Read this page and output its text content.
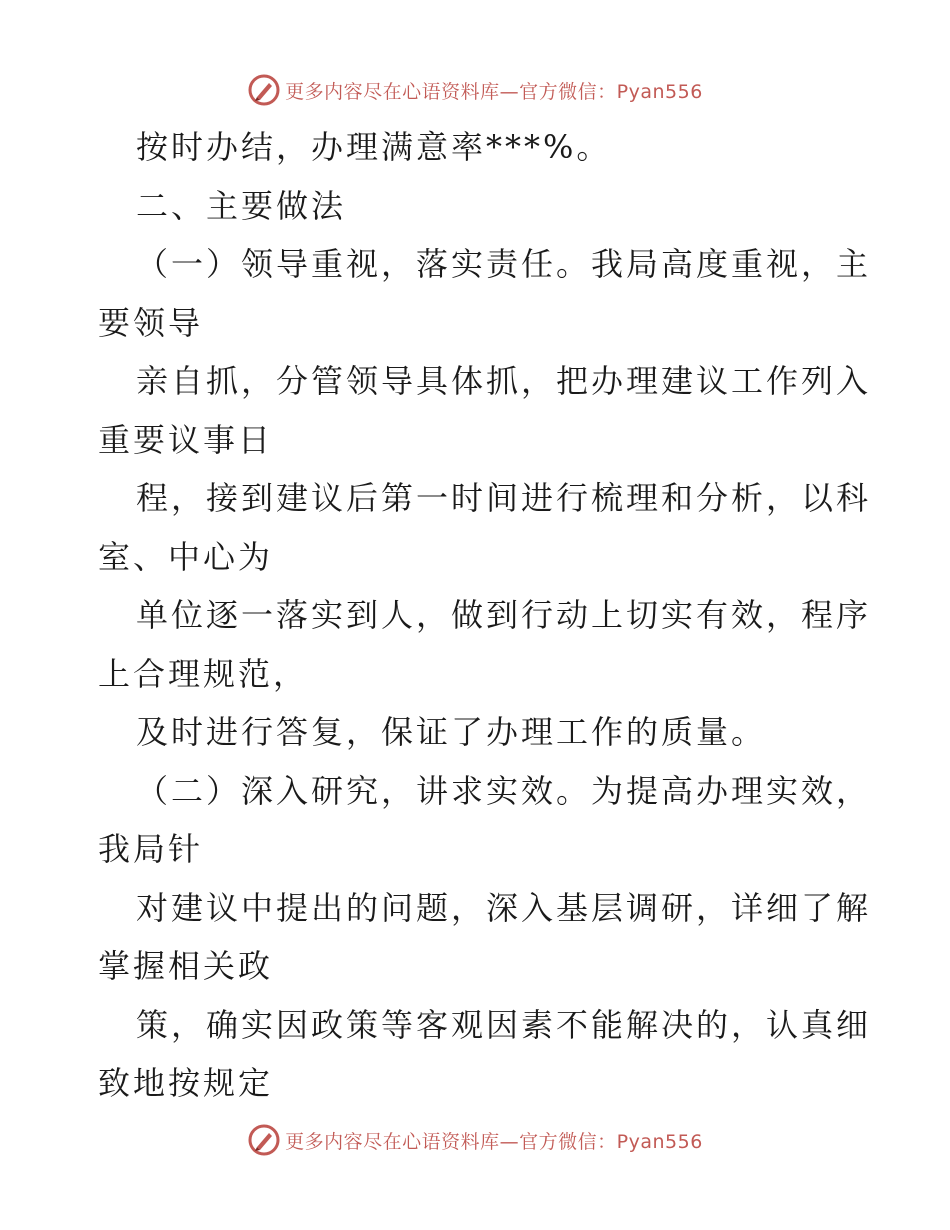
更多内容尽在心语资料库—官方微信：Pyan556
按时办结，办理满意率***%。
二、主要做法
（一）领导重视，落实责任。我局高度重视，主
要领导
亲自抓，分管领导具体抓，把办理建议工作列入
重要议事日
程，接到建议后第一时间进行梳理和分析，以科
室、中心为
单位逐一落实到人，做到行动上切实有效，程序
上合理规范，
及时进行答复，保证了办理工作的质量。
（二）深入研究，讲求实效。为提高办理实效，
我局针
对建议中提出的问题，深入基层调研，详细了解
掌握相关政
策，确实因政策等客观因素不能解决的，认真细
致地按规定
更多内容尽在心语资料库—官方微信：Pyan556
